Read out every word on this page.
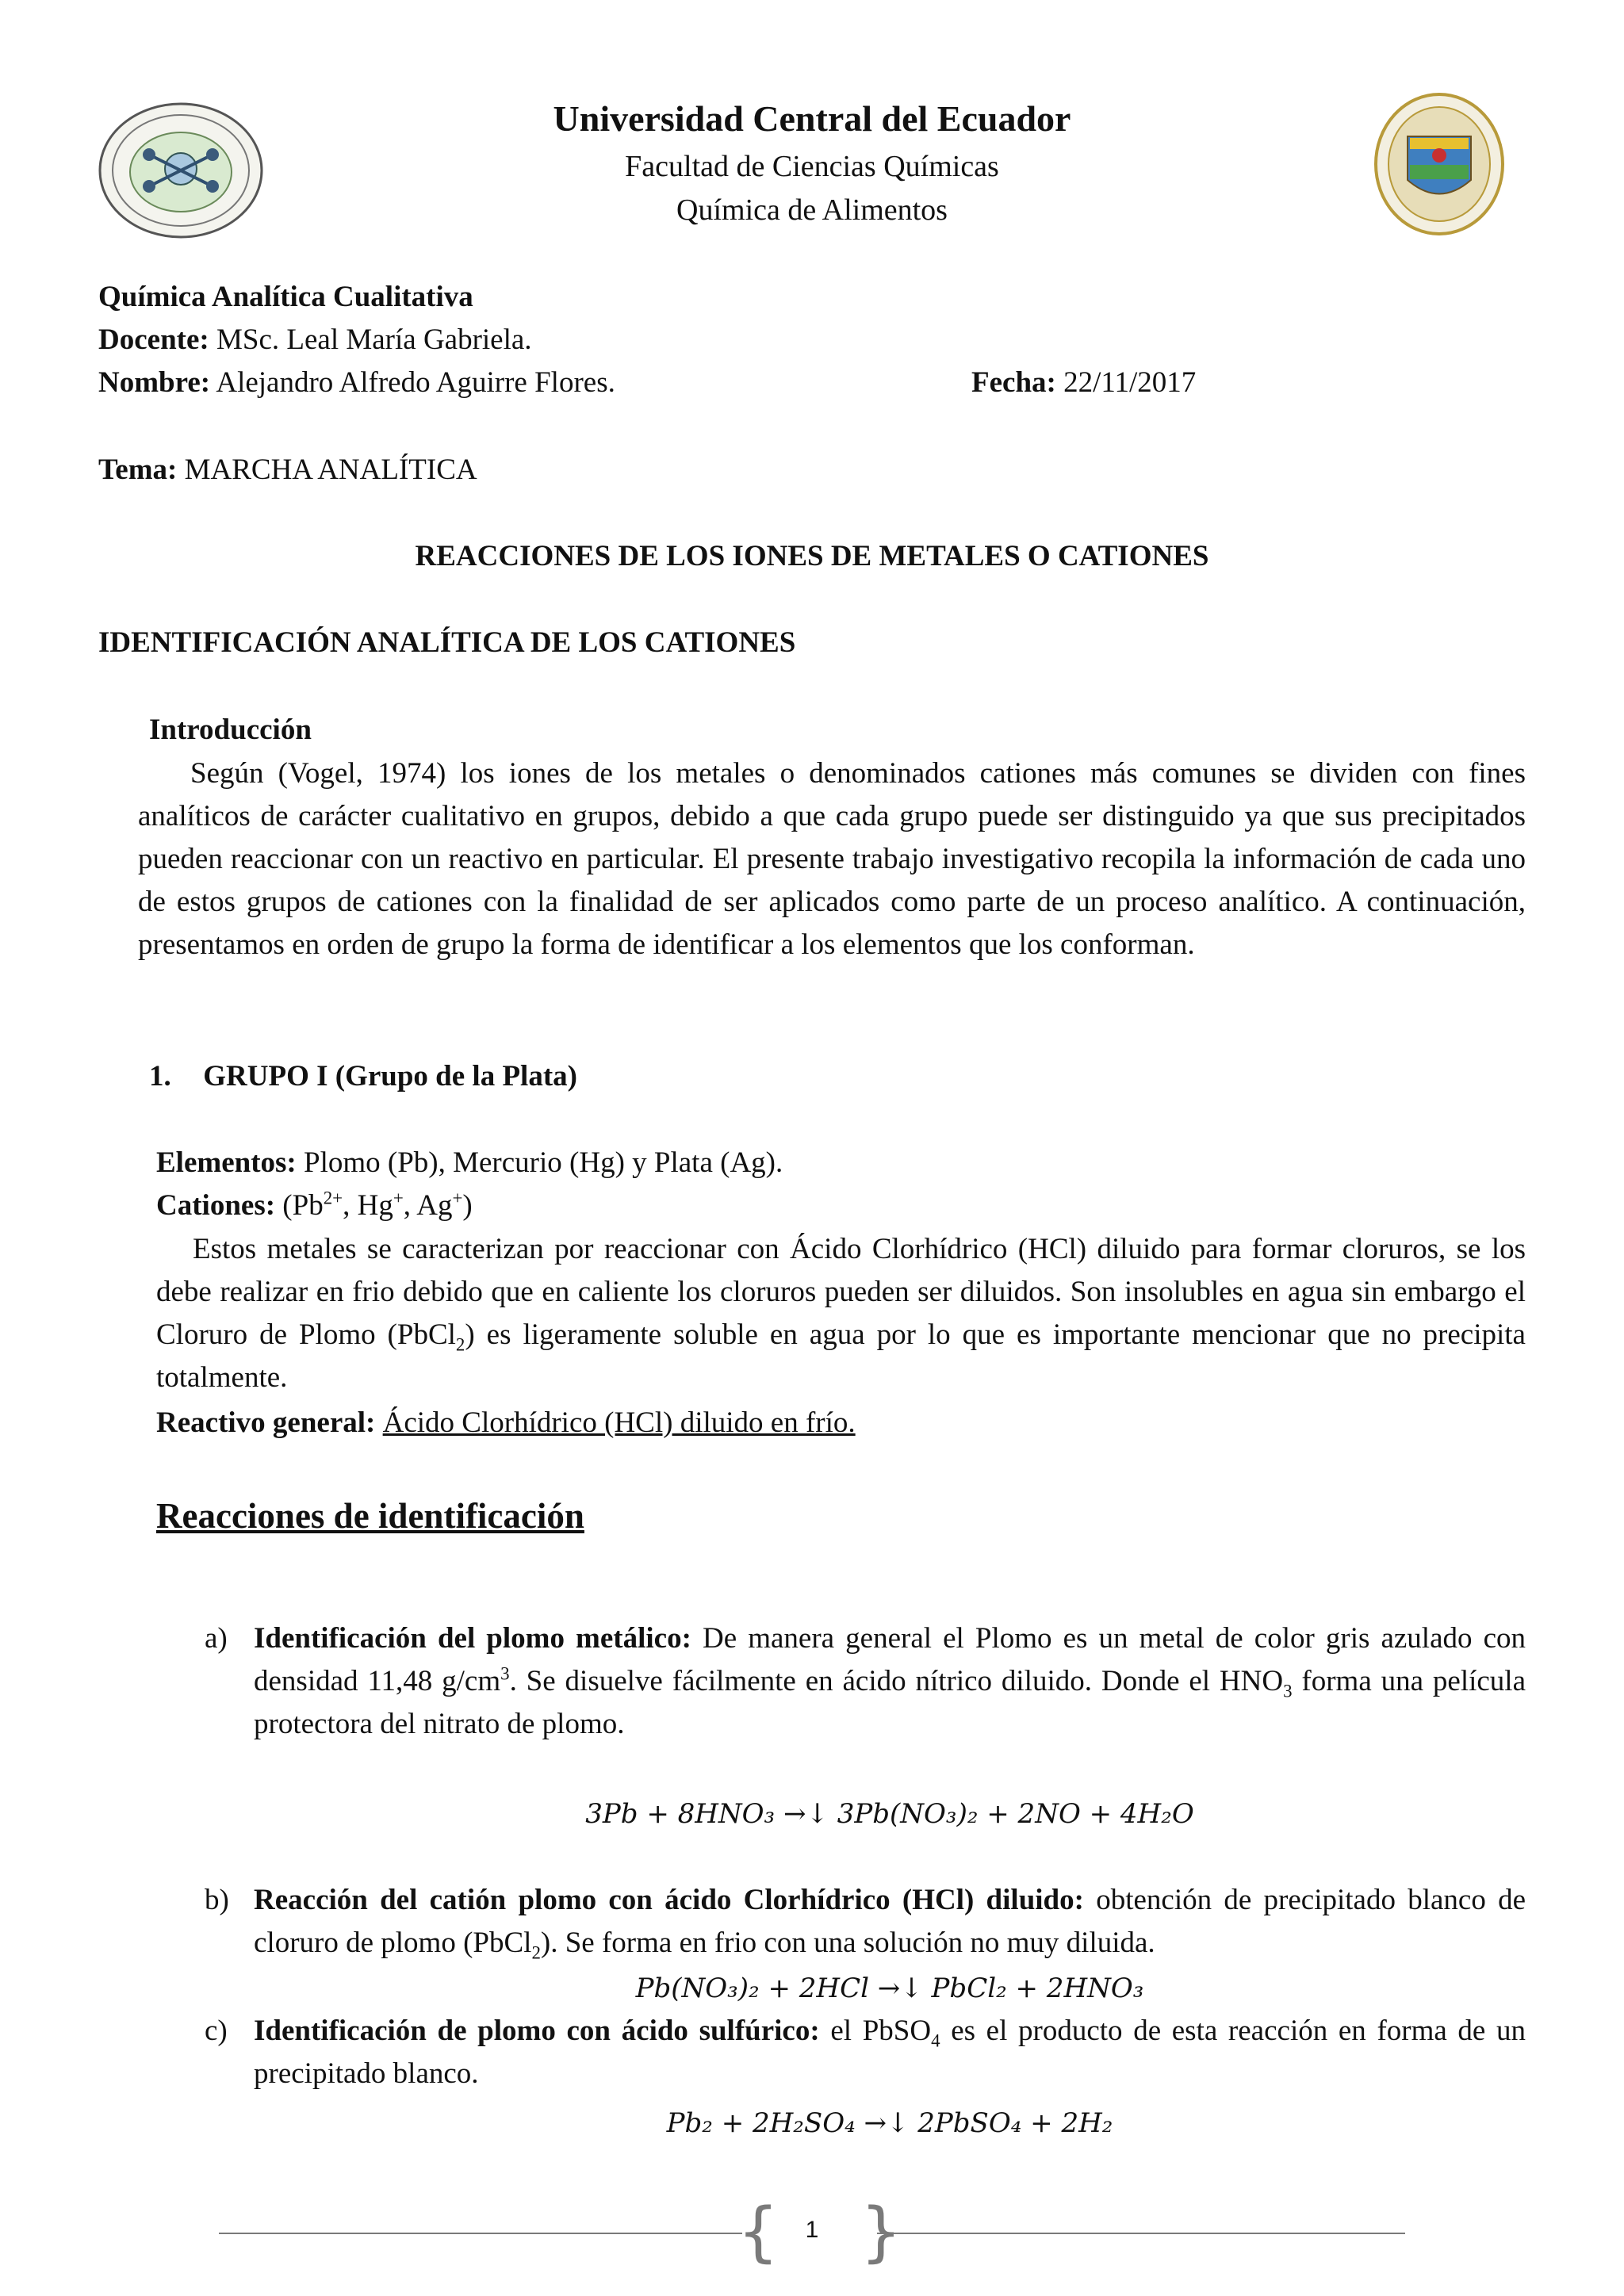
Universidad Central del Ecuador
Facultad de Ciencias Químicas
Química de Alimentos
Química Analítica Cualitativa
Docente: MSc. Leal María Gabriela.
Nombre: Alejandro Alfredo Aguirre Flores.	Fecha: 22/11/2017
Tema: MARCHA ANALÍTICA
REACCIONES DE LOS IONES DE METALES O CATIONES
IDENTIFICACIÓN ANALÍTICA DE LOS CATIONES
Introducción
Según (Vogel, 1974) los iones de los metales o denominados cationes más comunes se dividen con fines analíticos de carácter cualitativo en grupos, debido a que cada grupo puede ser distinguido ya que sus precipitados pueden reaccionar con un reactivo en particular. El presente trabajo investigativo recopila la información de cada uno de estos grupos de cationes con la finalidad de ser aplicados como parte de un proceso analítico. A continuación, presentamos en orden de grupo la forma de identificar a los elementos que los conforman.
1. GRUPO I (Grupo de la Plata)
Elementos: Plomo (Pb), Mercurio (Hg) y Plata (Ag).
Cationes: ($Pb^{2+}$, Hg+, Ag+)
Estos metales se caracterizan por reaccionar con Ácido Clorhídrico (HCl) diluido para formar cloruros, se los debe realizar en frio debido que en caliente los cloruros pueden ser diluidos. Son insolubles en agua sin embargo el Cloruro de Plomo (PbCl$_2$) es ligeramente soluble en agua por lo que es importante mencionar que no precipita totalmente.
Reactivo general: Ácido Clorhídrico (HCl) diluido en frío.
Reacciones de identificación
a) Identificación del plomo metálico: De manera general el Plomo es un metal de color gris azulado con densidad 11,48 $g/cm^3$. Se disuelve fácilmente en ácido nítrico diluido. Donde el $HNO_3$ forma una película protectora del nitrato de plomo.
3Pb + 8HNO₃ →↓ 3Pb(NO₃)₂ + 2NO + 4H₂O
b) Reacción del catión plomo con ácido Clorhídrico (HCl) diluido: obtención de precipitado blanco de cloruro de plomo (PbCl$_2$). Se forma en frio con una solución no muy diluida.
Pb(NO₃)₂ + 2HCl →↓ PbCl₂ + 2HNO₃
c) Identificación de plomo con ácido sulfúrico: el PbSO$_4$ es el producto de esta reacción en forma de un precipitado blanco.
Pb₂ + 2H₂SO₄ →↓ 2PbSO₄ + 2H₂
{ }
1
